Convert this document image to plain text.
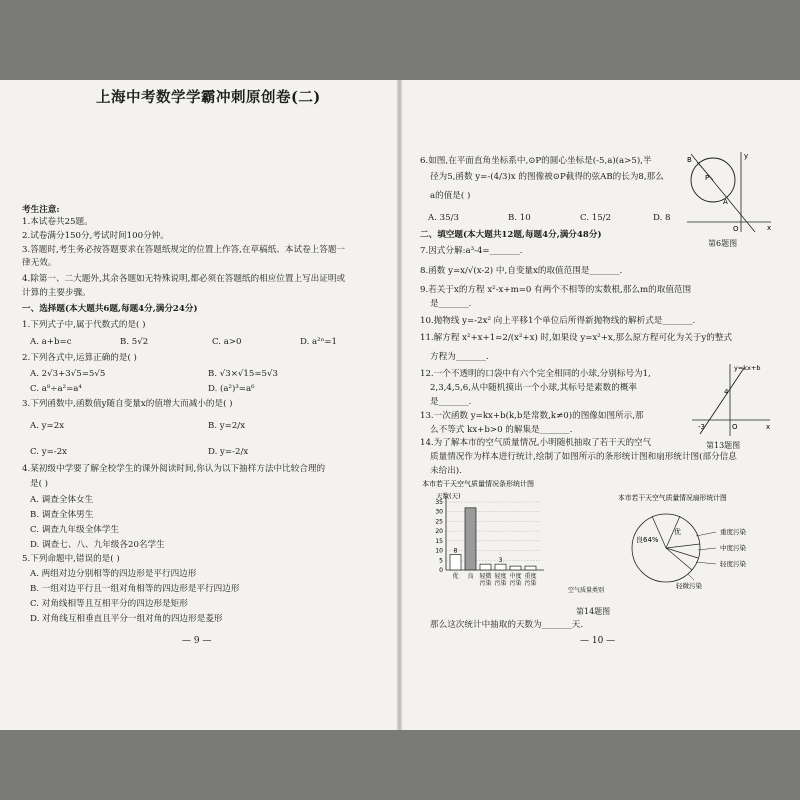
上海中考数学学霸冲刺原创卷(二)
考生注意:
1.本试卷共25题。
2.试卷满分150分,考试时间100分钟。
3.答题时,考生务必按答题要求在答题纸规定的位置上作答,在草稿纸、本试卷上答题一
律无效。
4.除第一、二大题外,其余各题如无特殊说明,都必须在答题纸的相应位置上写出证明或
计算的主要步骤。
一、选择题(本大题共6题,每题4分,满分24分)
1.下列式子中,属于代数式的是( )
A. a+b=c	B. 5√2	C. a>0	D. a²ⁿ=1
2.下列各式中,运算正确的是( )
A. 2√3+3√5=5√5	B. √3×√15=5√3
C. a⁸÷a²=a⁴	D. (a²)³=a⁶
3.下列函数中,函数值y随自变量x的值增大而减小的是( )
A. y=2x	B. y=2/x
C. y=-2x	D. y=-2/x
4.某初级中学要了解全校学生的课外阅读时间,你认为以下抽样方法中比较合理的
是( )
A. 调查全体女生
B. 调查全体男生
C. 调查九年级全体学生
D. 调查七、八、九年级各20名学生
5.下列命题中,错误的是( )
A. 两组对边分别相等的四边形是平行四边形
B. 一组对边平行且一组对角相等的四边形是平行四边形
C. 对角线相等且互相平分的四边形是矩形
D. 对角线互相垂直且平分一组对角的四边形是菱形
— 9 —
6.如图,在平面直角坐标系中,⊙P的圆心坐标是(-5,a)(a>5),半
径为5,函数 y=-(4/3)x 的图像被⊙P截得的弦AB的长为8,那么
a的值是( )
A. 35/3	B. 10	C. 15/2	D. 8
P
B
A
y
x
O
第6题图
二、填空题(本大题共12题,每题4分,满分48分)
7.因式分解:a³-4=_______.
8.函数 y=x/√(x-2) 中,自变量x的取值范围是_______.
9.若关于x的方程 x²-x+m=0 有两个不相等的实数根,那么m的取值范围
是_______.
10.抛物线 y=-2x² 向上平移1个单位后所得新抛物线的解析式是_______.
11.解方程 x²+x+1=2/(x²+x) 时,如果设 y=x²+x,那么原方程可化为关于y的整式
方程为_______.
12.一个不透明的口袋中有六个完全相同的小球,分别标号为1,
2,3,4,5,6,从中随机摸出一个小球,其标号是素数的概率
是_______.
13.一次函数 y=kx+b(k,b是常数,k≠0)的图像如图所示,那
么不等式 kx+b>0 的解集是_______.
y=kx+b
4
-3	O	x
第13题图
14.为了解本市的空气质量情况,小明随机抽取了若干天的空气
质量情况作为样本进行统计,绘制了如图所示的条形统计图和扇形统计图(部分信息
未给出).
本市若干天空气质量情况条形统计图
天数(天)
0
5
10
15
20
25
30
35
8
3
优 良 轻微
污染
轻度
污染
中度
污染
重度
污染
空气质量类别
本市若干天空气质量情况扇形统计图
优
良64%
重度污染
中度污染
轻度污染
轻微污染
第14题图
那么这次统计中抽取的天数为_______天.
— 10 —
